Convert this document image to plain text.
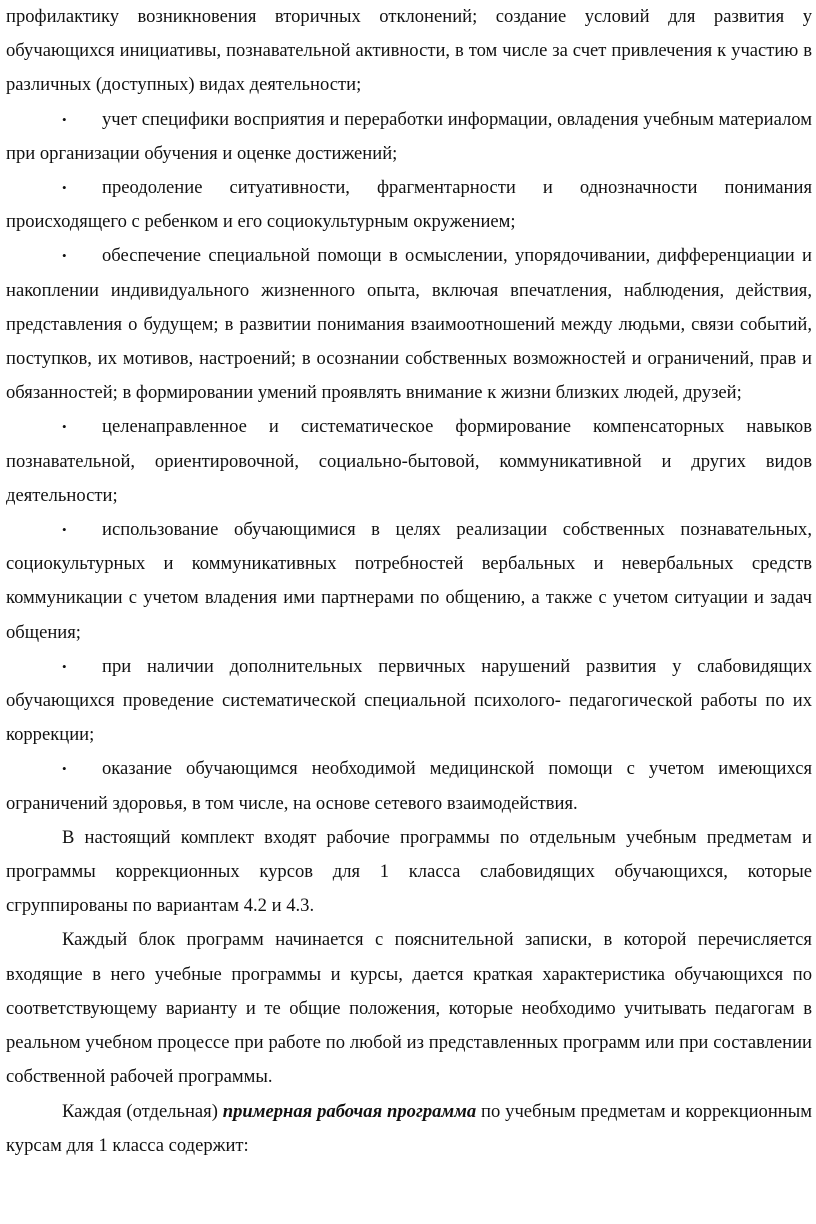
профилактику возникновения вторичных отклонений; создание условий для развития у обучающихся инициативы, познавательной активности, в том числе за счет привлечения к участию в различных (доступных) видах деятельности;

• учет специфики восприятия и переработки информации, овладения учебным материалом при организации обучения и оценке достижений;

• преодоление ситуативности, фрагментарности и однозначности понимания происходящего с ребенком и его социокультурным окружением;

• обеспечение специальной помощи в осмыслении, упорядочивании, дифференциации и накоплении индивидуального жизненного опыта, включая впечатления, наблюдения, действия, представления о будущем; в развитии понимания взаимоотношений между людьми, связи событий, поступков, их мотивов, настроений; в осознании собственных возможностей и ограничений, прав и обязанностей; в формировании умений проявлять внимание к жизни близких людей, друзей;

• целенаправленное и систематическое формирование компенсаторных навыков познавательной, ориентировочной, социально-бытовой, коммуникативной и других видов деятельности;

• использование обучающимися в целях реализации собственных познавательных, социокультурных и коммуникативных потребностей вербальных и невербальных средств коммуникации с учетом владения ими партнерами по общению, а также с учетом ситуации и задач общения;

• при наличии дополнительных первичных нарушений развития у слабовидящих обучающихся проведение систематической специальной психолого- педагогической работы по их коррекции;

• оказание обучающимся необходимой медицинской помощи с учетом имеющихся ограничений здоровья, в том числе, на основе сетевого взаимодействия.

В настоящий комплект входят рабочие программы по отдельным учебным предметам и программы коррекционных курсов для 1 класса слабовидящих обучающихся, которые сгруппированы по вариантам 4.2 и 4.3.

Каждый блок программ начинается с пояснительной записки, в которой перечисляется входящие в него учебные программы и курсы, дается краткая характеристика обучающихся по соответствующему варианту и те общие положения, которые необходимо учитывать педагогам в реальном учебном процессе при работе по любой из представленных программ или при составлении собственной рабочей программы.

Каждая (отдельная) примерная рабочая программа по учебным предметам и коррекционным курсам для 1 класса содержит:
